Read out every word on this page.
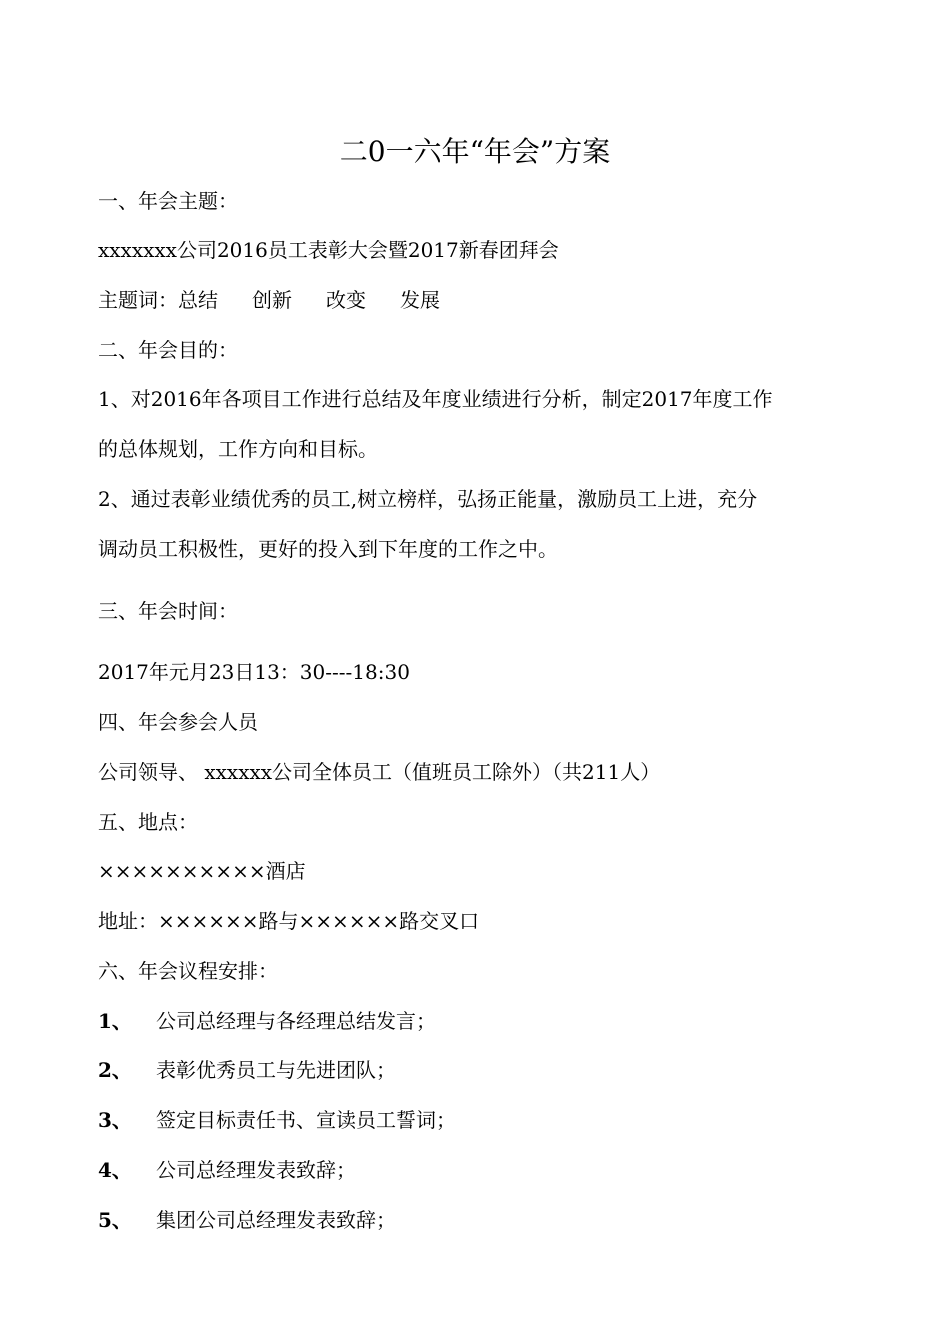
二0一六年“年会”方案
一、年会主题：
xxxxxxx公司2016员工表彰大会暨2017新春团拜会
主题词：总结 创新 改变 发展
二、年会目的：
1、对2016年各项目工作进行总结及年度业绩进行分析，制定2017年度工作
的总体规划，工作方向和目标。
2、通过表彰业绩优秀的员工,树立榜样，弘扬正能量，激励员工上进，充分
调动员工积极性，更好的投入到下年度的工作之中。
三、年会时间：
2017年元月23日13：30----18:30
四、年会参会人员
公司领导、 xxxxxx公司全体员工（值班员工除外）（共211人）
五、地点：
××××××××××酒店
地址：××××××路与××××××路交叉口
六、年会议程安排：
1、 公司总经理与各经理总结发言；
2、 表彰优秀员工与先进团队；
3、 签定目标责任书、宣读员工誓词；
4、 公司总经理发表致辞；
5、 集团公司总经理发表致辞；
